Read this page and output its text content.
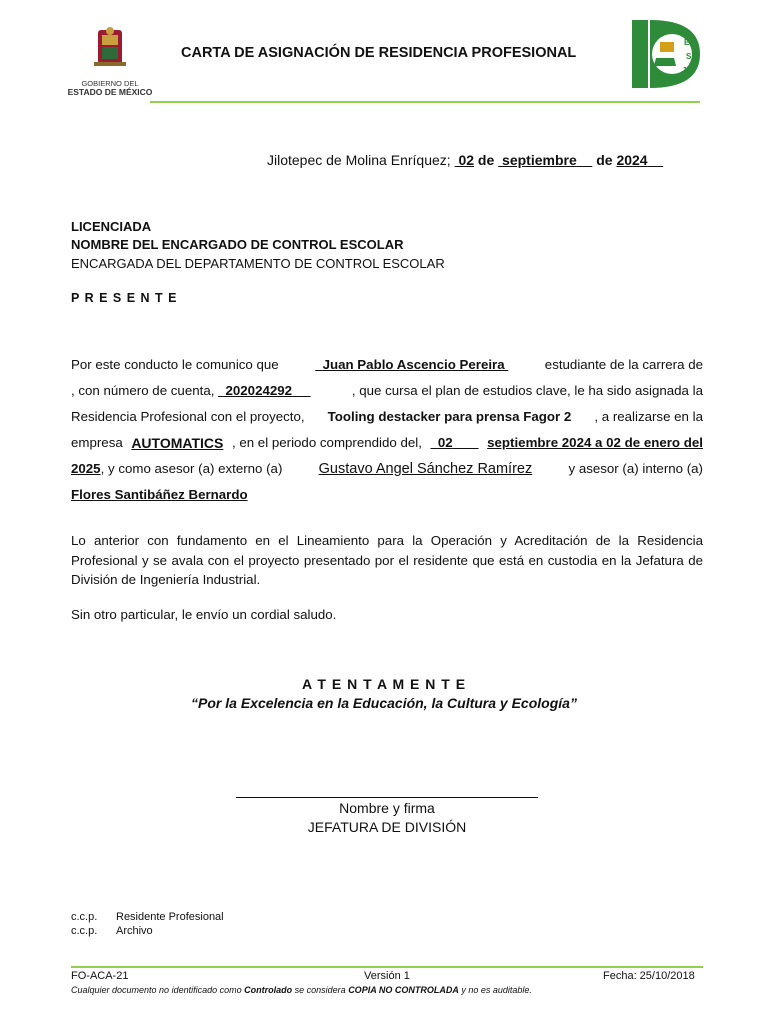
GOBIERNO DEL
ESTADO DE MÉXICO
CARTA DE ASIGNACIÓN DE RESIDENCIA PROFESIONAL
T
E
S
J
I
Jilotepec de Molina Enríquez; 02 de septiembre de 2024
LICENCIADA
NOMBRE DEL ENCARGADO DE CONTROL ESCOLAR
ENCARGADA DEL DEPARTAMENTO DE CONTROL ESCOLAR
P R E S E N T E
Por este conducto le comunico que	Juan Pablo Ascencio Pereira	estudiante de la carrera de
, con número de cuenta, 202024292	, que cursa el plan de estudios clave, le ha sido asignada la
Residencia Profesional con el proyecto, Tooling destacker para prensa Fagor 2 , a realizarse en la
empresa AUTOMATICS , en el periodo comprendido del,	02	septiembre 2024 a 02 de enero del
2025, y como asesor (a) externo (a)	Gustavo Angel Sánchez Ramírez	y asesor (a) interno (a)
Flores Santibáñez Bernardo
Lo anterior con fundamento en el Lineamiento para la Operación y Acreditación de la Residencia Profesional y se avala con el proyecto presentado por el residente que está en custodia en la Jefatura de División de Ingeniería Industrial.
Sin otro particular, le envío un cordial saludo.
A T E N T A M E N T E
“Por la Excelencia en la Educación, la Cultura y Ecología”
Nombre y firma
JEFATURA DE DIVISIÓN
c.c.p. Residente Profesional
c.c.p. Archivo
FO-ACA-21	Versión 1	Fecha: 25/10/2018
Cualquier documento no identificado como Controlado se considera COPIA NO CONTROLADA y no es auditable.
